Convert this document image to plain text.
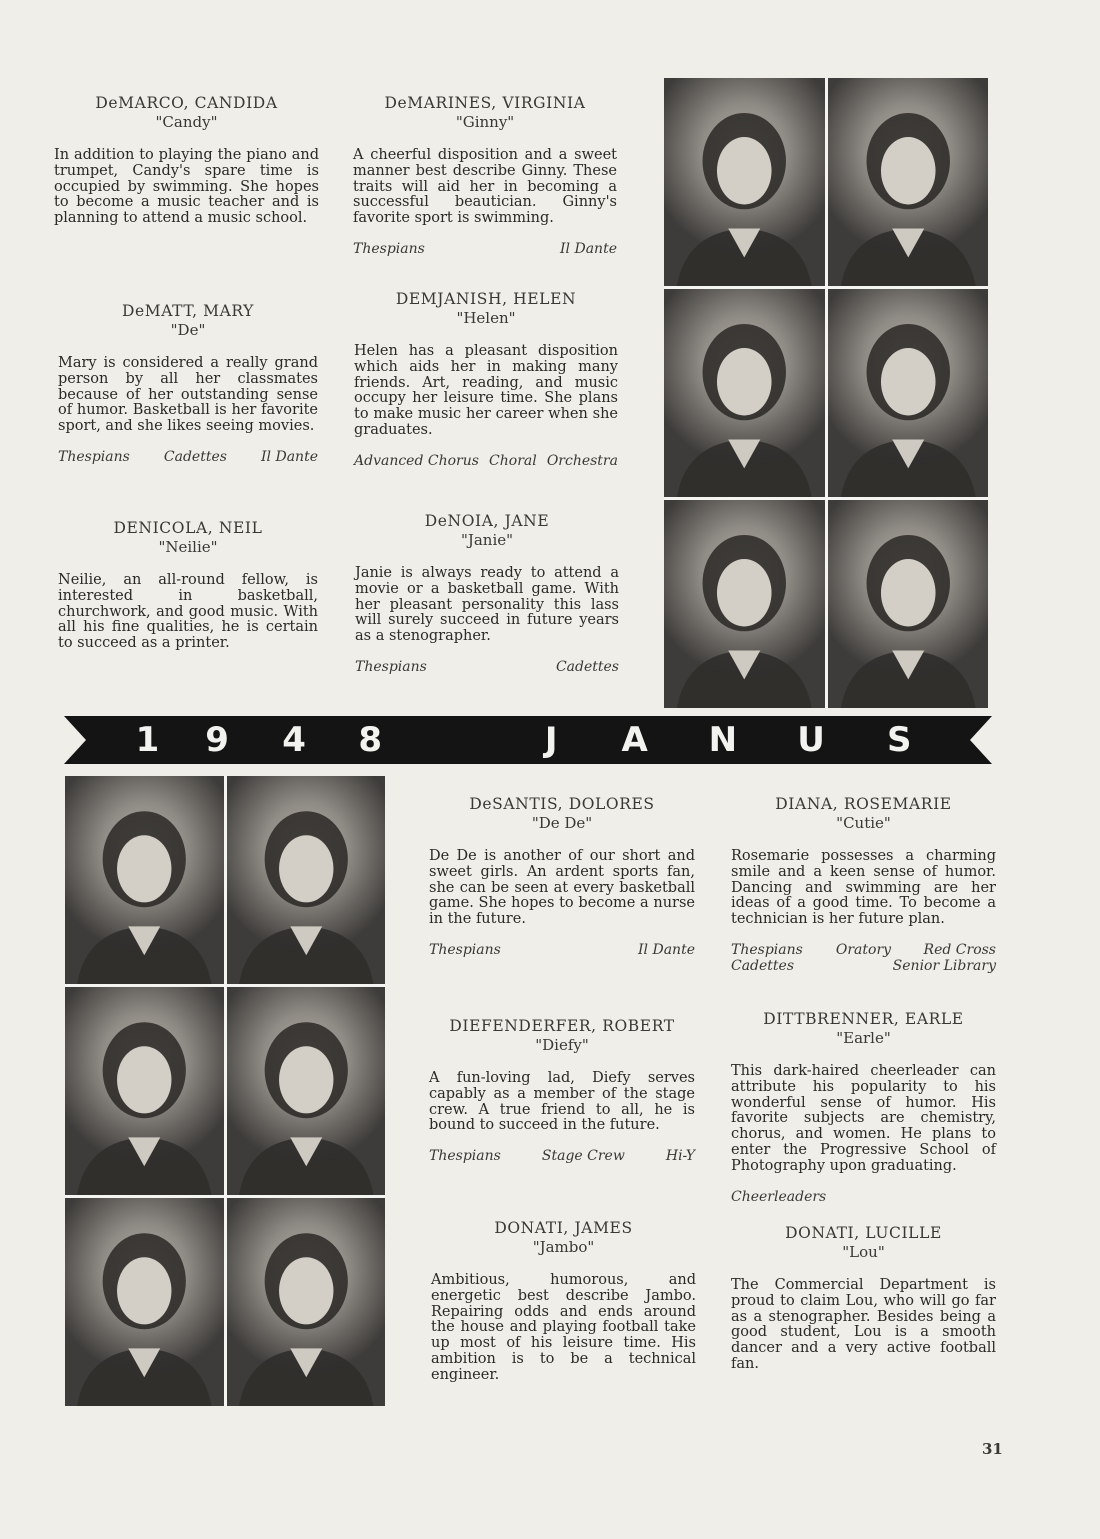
DeMARCO, CANDIDA
"Candy"
In addition to playing the piano and trumpet, Candy's spare time is occupied by swimming. She hopes to become a music teacher and is planning to attend a music school.
DeMATT, MARY
"De"
Mary is considered a really grand person by all her classmates because of her outstanding sense of humor. Basketball is her favorite sport, and she likes seeing movies.
Thespians Cadettes Il Dante
DENICOLA, NEIL
"Neilie"
Neilie, an all-round fellow, is interested in basketball, churchwork, and good music. With all his fine qualities, he is certain to succeed as a printer.
DeMARINES, VIRGINIA
"Ginny"
A cheerful disposition and a sweet manner best describe Ginny. These traits will aid her in becoming a successful beautician. Ginny's favorite sport is swimming.
Thespians	Il Dante
DEMJANISH, HELEN
"Helen"
Helen has a pleasant disposition which aids her in making many friends. Art, reading, and music occupy her leisure time. She plans to make music her career when she graduates.
Advanced Chorus Choral Orchestra
DeNOIA, JANE
"Janie"
Janie is always ready to attend a movie or a basketball game. With her pleasant personality this lass will surely succeed in future years as a stenographer.
Thespians	Cadettes
1 9 4 8	J A N U S
DeSANTIS, DOLORES
"De De"
De De is another of our short and sweet girls. An ardent sports fan, she can be seen at every basketball game. She hopes to become a nurse in the future.
Thespians	Il Dante
DIEFENDERFER, ROBERT
"Diefy"
A fun-loving lad, Diefy serves capably as a member of the stage crew. A true friend to all, he is bound to succeed in the future.
Thespians	Stage Crew	Hi-Y
DONATI, JAMES
"Jambo"
Ambitious, humorous, and energetic best describe Jambo. Repairing odds and ends around the house and playing football take up most of his leisure time. His ambition is to be a technical engineer.
DIANA, ROSEMARIE
"Cutie"
Rosemarie possesses a charming smile and a keen sense of humor. Dancing and swimming are her ideas of a good time. To become a technician is her future plan.
Thespians	Oratory	Red Cross
Cadettes	Senior Library
DITTBRENNER, EARLE
"Earle"
This dark-haired cheerleader can attribute his popularity to his wonderful sense of humor. His favorite subjects are chemistry, chorus, and women. He plans to enter the Progressive School of Photography upon graduating.
Cheerleaders
DONATI, LUCILLE
"Lou"
The Commercial Department is proud to claim Lou, who will go far as a stenographer. Besides being a good student, Lou is a smooth dancer and a very active football fan.
31
